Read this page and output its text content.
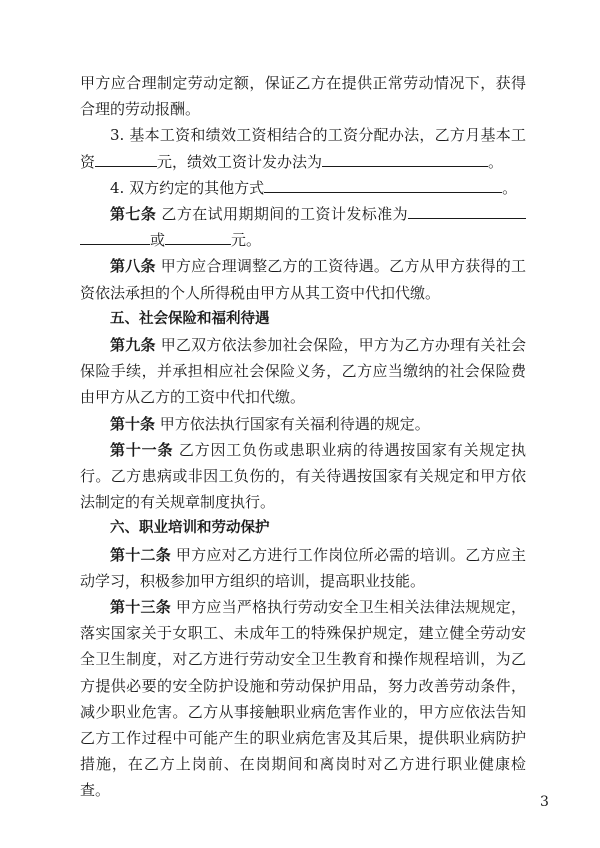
甲方应合理制定劳动定额，保证乙方在提供正常劳动情况下，获得合理的劳动报酬。

3. 基本工资和绩效工资相结合的工资分配办法，乙方月基本工资	元，绩效工资计发办法为	。

4. 双方约定的其他方式	。

第七条 乙方在试用期期间的工资计发标准为或	元。

第八条 甲方应合理调整乙方的工资待遇。乙方从甲方获得的工资依法承担的个人所得税由甲方从其工资中代扣代缴。

五、社会保险和福利待遇

第九条 甲乙双方依法参加社会保险，甲方为乙方办理有关社会保险手续，并承担相应社会保险义务，乙方应当缴纳的社会保险费由甲方从乙方的工资中代扣代缴。

第十条 甲方依法执行国家有关福利待遇的规定。

第十一条 乙方因工负伤或患职业病的待遇按国家有关规定执行。乙方患病或非因工负伤的，有关待遇按国家有关规定和甲方依法制定的有关规章制度执行。

六、职业培训和劳动保护

第十二条 甲方应对乙方进行工作岗位所必需的培训。乙方应主动学习，积极参加甲方组织的培训，提高职业技能。

第十三条 甲方应当严格执行劳动安全卫生相关法律法规规定，落实国家关于女职工、未成年工的特殊保护规定，建立健全劳动安全卫生制度，对乙方进行劳动安全卫生教育和操作规程培训，为乙方提供必要的安全防护设施和劳动保护用品，努力改善劳动条件，减少职业危害。乙方从事接触职业病危害作业的，甲方应依法告知乙方工作过程中可能产生的职业病危害及其后果，提供职业病防护措施，在乙方上岗前、在岗期间和离岗时对乙方进行职业健康检查。

3
